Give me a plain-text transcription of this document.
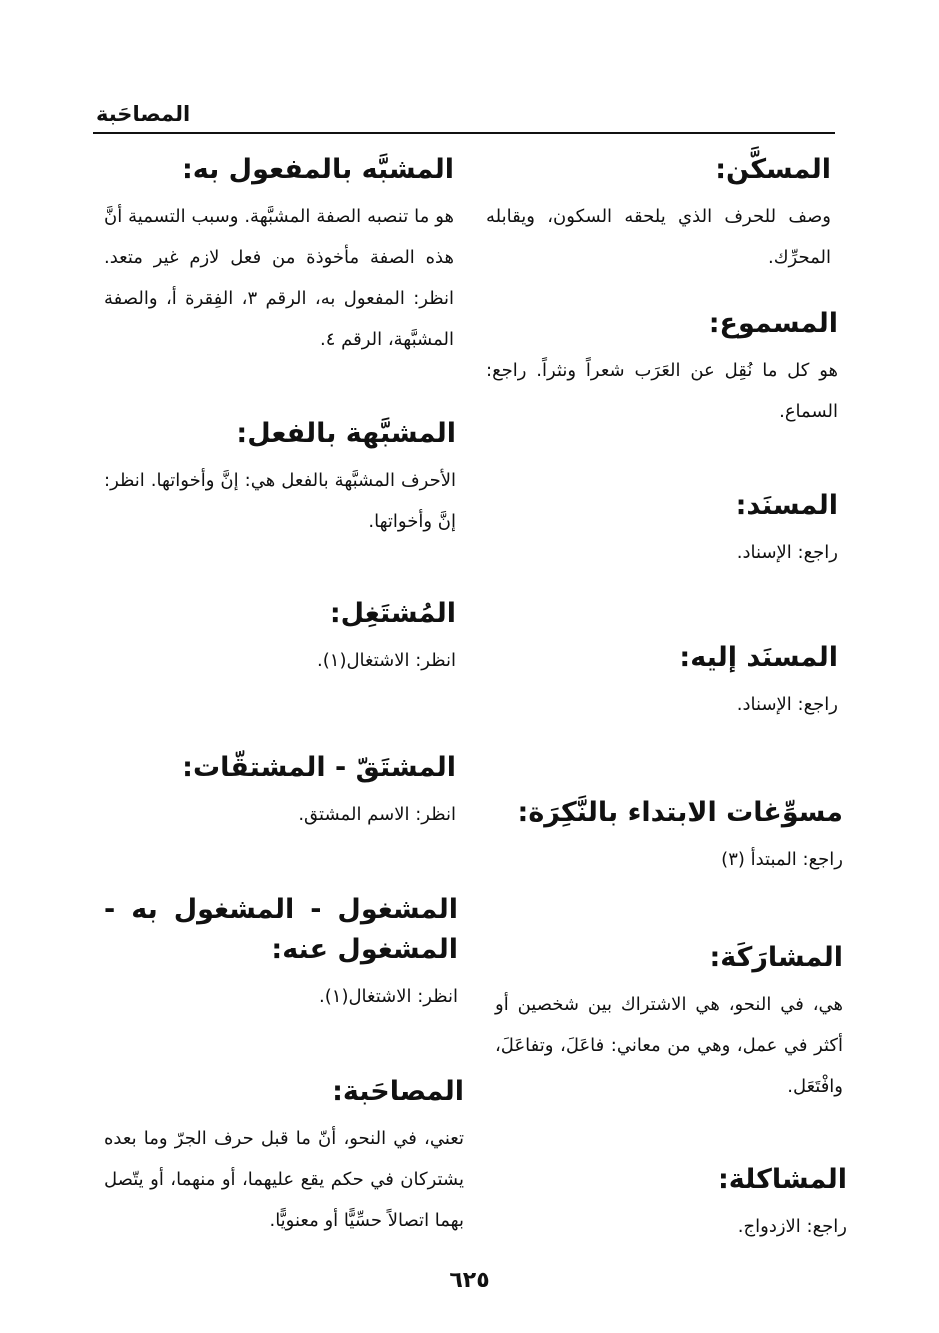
المصاحَبة
المسكَّن:
وصف للحرف الذي يلحقه السكون، ويقابله المحرِّك.
المسموع:
هو كل ما نُقِل عن العَرَب شعراً ونثراً. راجع: السماع.
المسنَد:
راجع: الإسناد.
المسنَد إليه:
راجع: الإسناد.
مسوِّغات الابتداء بالنَّكِرَة:
راجع: المبتدأ (٣)
المشارَكَة:
هي، في النحو، هي الاشتراك بين شخصين أو أكثر في عمل، وهي من معاني: فاعَلَ، وتفاعَلَ، وافْتَعَل.
المشاكلة:
راجع: الازدواج.
المشبَّه بالمفعول به:
هو ما تنصبه الصفة المشبَّهة. وسبب التسمية أنَّ هذه الصفة مأخوذة من فعل لازم غير متعد. انظر: المفعول به، الرقم ٣، الفِقرة أ، والصفة المشبَّهة، الرقم ٤.
المشبَّهة بالفعل:
الأحرف المشبَّهة بالفعل هي: إنَّ وأخواتها. انظر: إنَّ وأخواتها.
المُشتَغِل:
انظر: الاشتغال(١).
المشتَقّ - المشتقّات:
انظر: الاسم المشتق.
المشغول - المشغول به - المشغول عنه:
انظر: الاشتغال(١).
المصاحَبة:
تعني، في النحو، أنّ ما قبل حرف الجرّ وما بعده يشتركان في حكم يقع عليهما، أو منهما، أو يتّصل بهما اتصالاً حسِّيًّا أو معنويًّا.
٦٢٥
